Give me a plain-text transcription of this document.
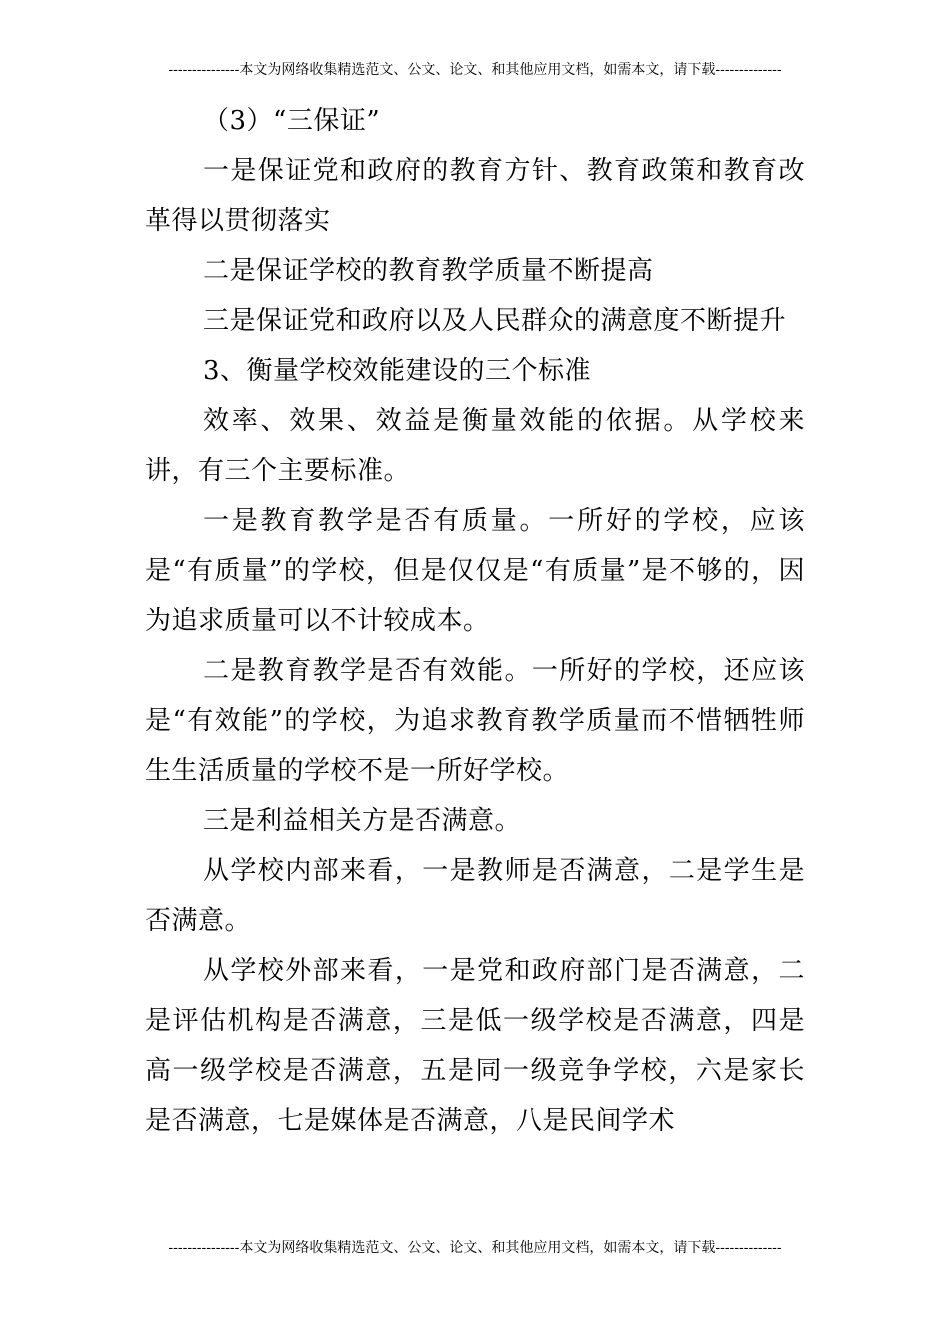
---------------本文为网络收集精选范文、公文、论文、和其他应用文档，如需本文，请下载--------------

（3）“三保证”

一是保证党和政府的教育方针、教育政策和教育改革得以贯彻落实

二是保证学校的教育教学质量不断提高

三是保证党和政府以及人民群众的满意度不断提升

3、衡量学校效能建设的三个标准

效率、效果、效益是衡量效能的依据。从学校来讲，有三个主要标准。

一是教育教学是否有质量。一所好的学校，应该是“有质量”的学校，但是仅仅是“有质量”是不够的，因为追求质量可以不计较成本。

二是教育教学是否有效能。一所好的学校，还应该是“有效能”的学校，为追求教育教学质量而不惜牺牲师生生活质量的学校不是一所好学校。

三是利益相关方是否满意。

从学校内部来看，一是教师是否满意，二是学生是否满意。

从学校外部来看，一是党和政府部门是否满意，二是评估机构是否满意，三是低一级学校是否满意，四是高一级学校是否满意，五是同一级竞争学校，六是家长是否满意，七是媒体是否满意，八是民间学术

---------------本文为网络收集精选范文、公文、论文、和其他应用文档，如需本文，请下载--------------
